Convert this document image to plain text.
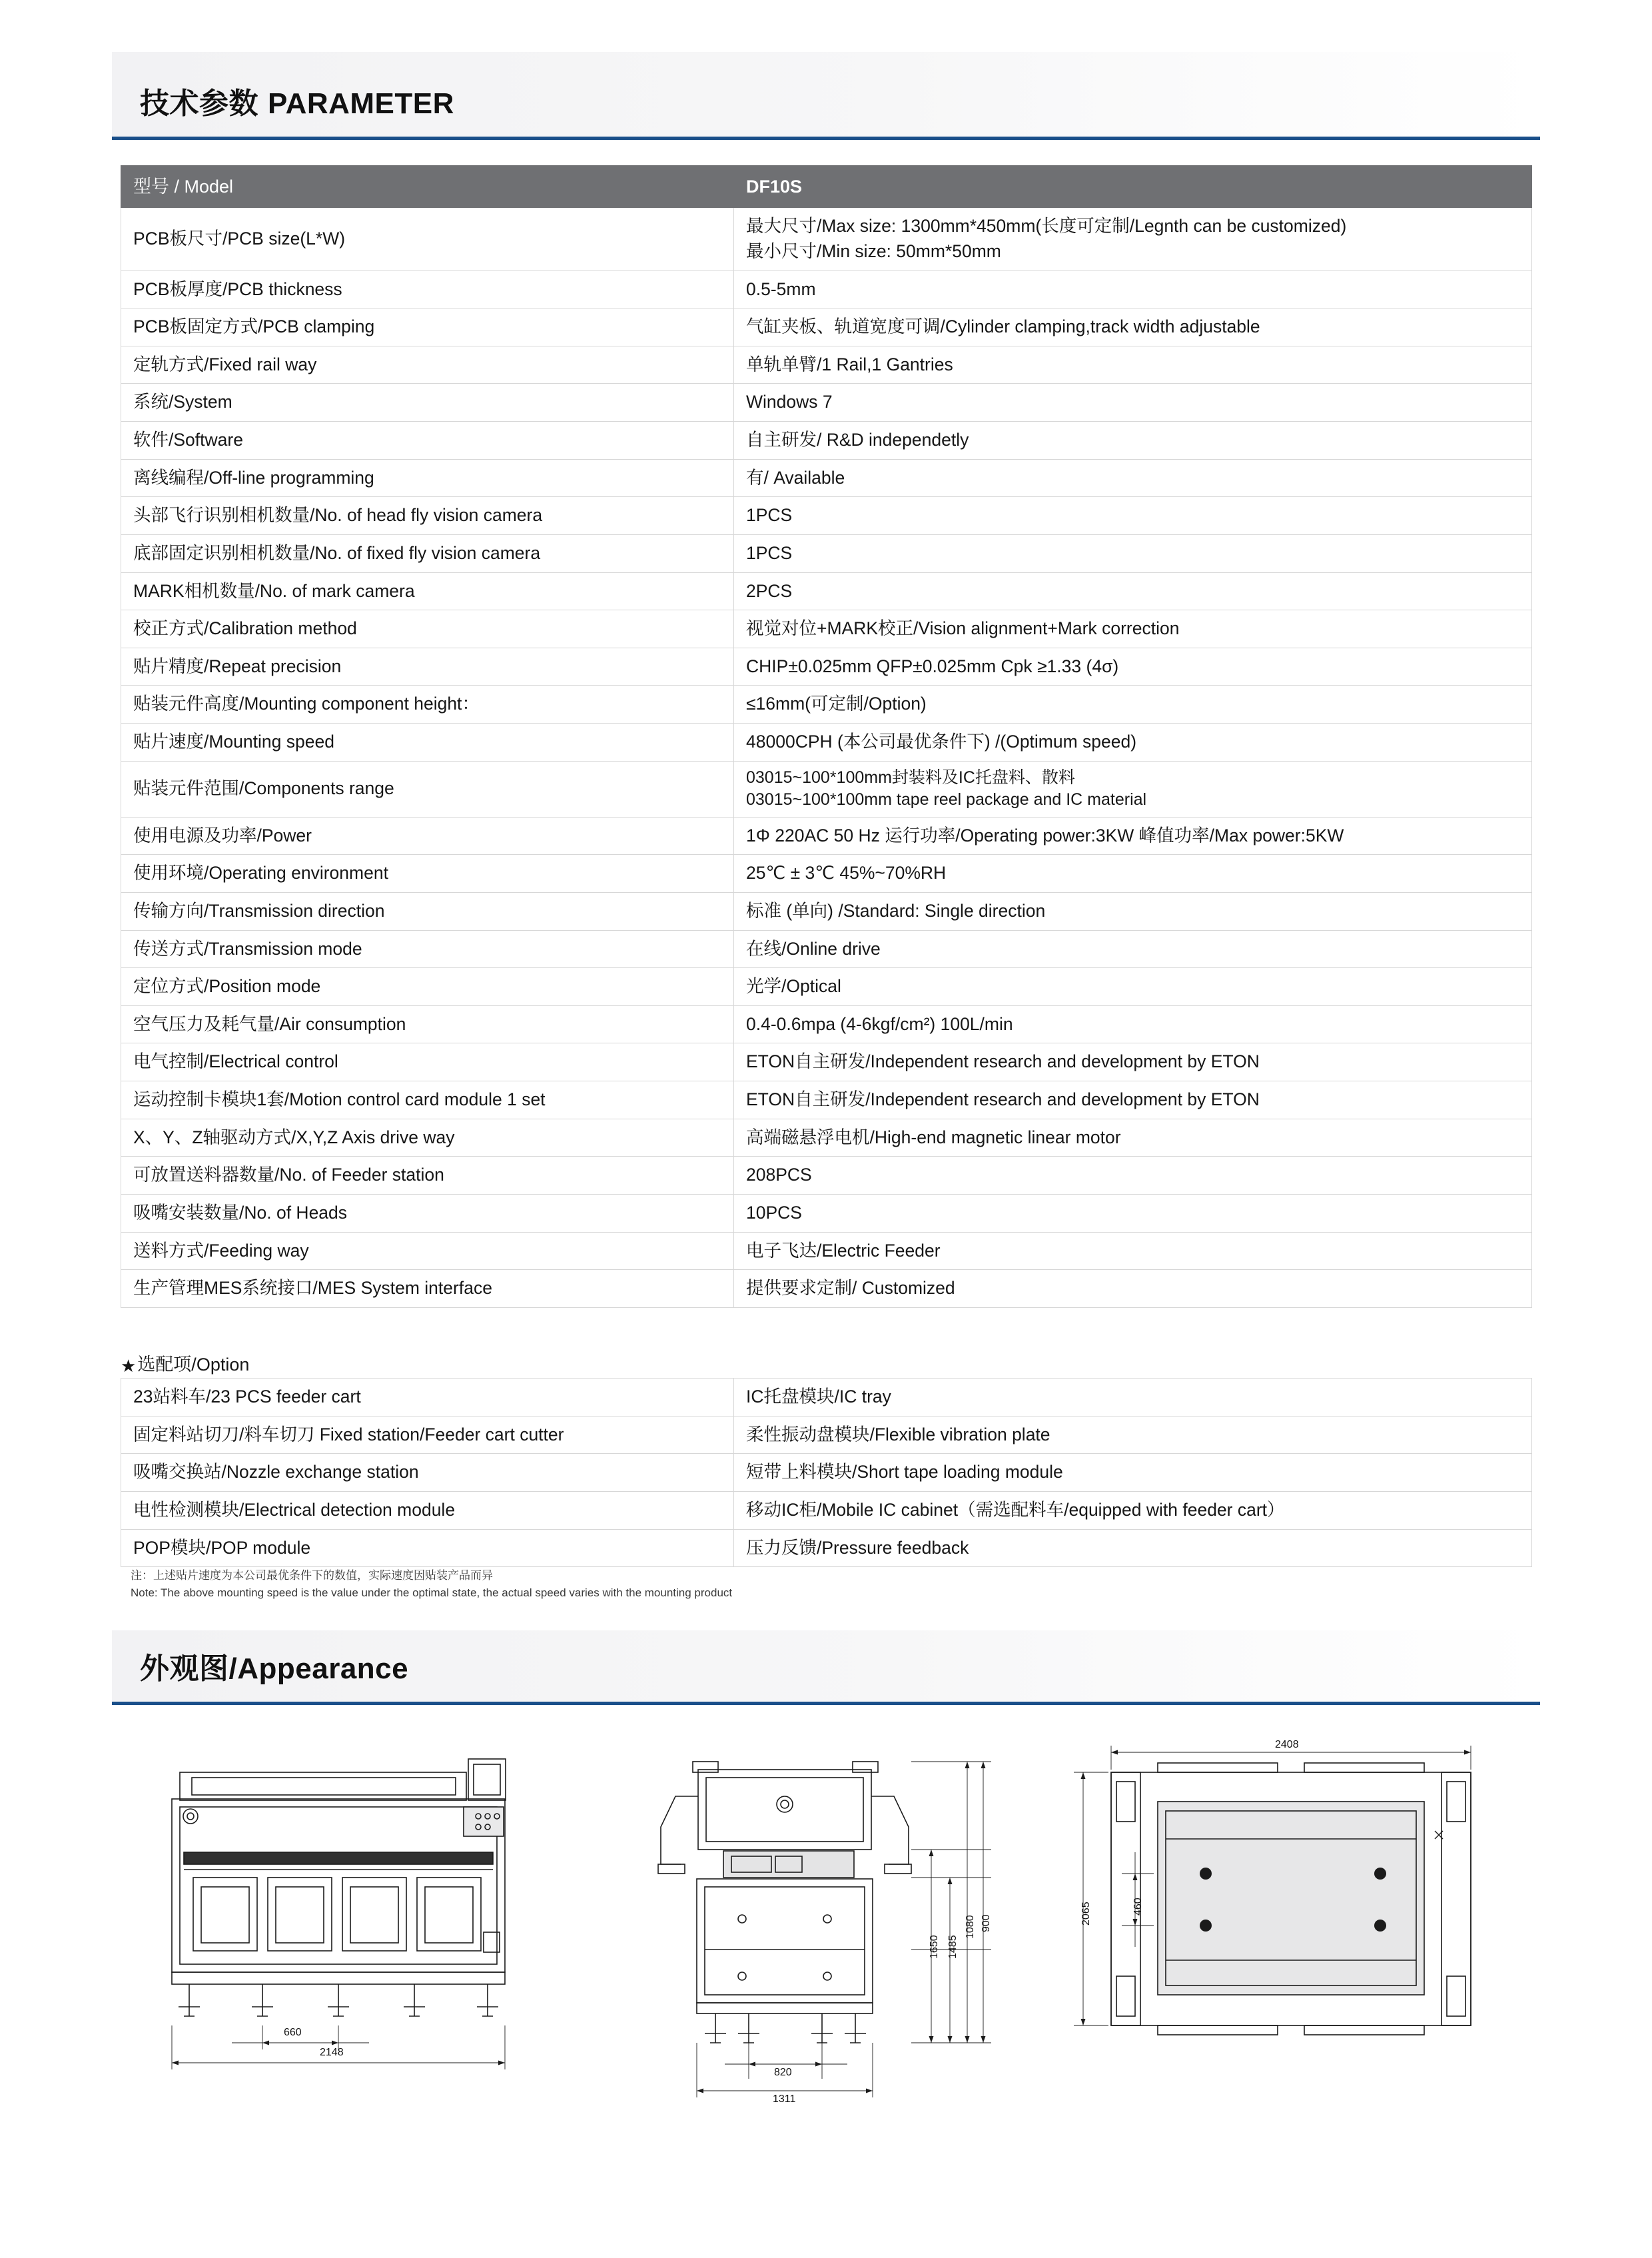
技术参数 PARAMETER
型号 / Model	DF10S
PCB板尺寸/PCB size(L*W)	最大尺寸/Max size: 1300mm*450mm(长度可定制/Legnth can be customized)
最小尺寸/Min size: 50mm*50mm

PCB板厚度/PCB thickness	0.5-5mm
PCB板固定方式/PCB clamping	气缸夹板、轨道宽度可调/Cylinder clamping,track width adjustable
定轨方式/Fixed rail way	单轨单臂/1 Rail,1 Gantries
系统/System	Windows 7
软件/Software	自主研发/ R&D independetly
离线编程/Off-line programming	有/ Available
头部飞行识别相机数量/No. of head fly vision camera	1PCS
底部固定识别相机数量/No. of fixed fly vision camera	1PCS
MARK相机数量/No. of mark camera	2PCS
校正方式/Calibration method	视觉对位+MARK校正/Vision alignment+Mark correction
贴片精度/Repeat precision	CHIP±0.025mm QFP±0.025mm Cpk ≥1.33 (4σ)
贴装元件高度/Mounting component height：	≤16mm(可定制/Option)
贴片速度/Mounting speed	48000CPH (本公司最优条件下) /(Optimum speed)
贴装元件范围/Components range	03015~100*100mm封装料及IC托盘料、散料
03015~100*100mm tape reel package and IC material

使用电源及功率/Power	1Φ 220AC 50 Hz 运行功率/Operating power:3KW 峰值功率/Max power:5KW
使用环境/Operating environment	25℃ ± 3℃ 45%~70%RH
传输方向/Transmission direction	标准 (单向) /Standard: Single direction
传送方式/Transmission mode	在线/Online drive
定位方式/Position mode	光学/Optical
空气压力及耗气量/Air consumption	0.4-0.6mpa (4-6kgf/cm²) 100L/min
电气控制/Electrical control	ETON自主研发/Independent research and development by ETON
运动控制卡模块1套/Motion control card module 1 set	ETON自主研发/Independent research and development by ETON
X、Y、Z轴驱动方式/X,Y,Z Axis drive way	高端磁悬浮电机/High-end magnetic linear motor
可放置送料器数量/No. of Feeder station	208PCS
吸嘴安装数量/No. of Heads	10PCS
送料方式/Feeding way	电子飞达/Electric Feeder
生产管理MES系统接口/MES System interface	提供要求定制/ Customized
★选配项/Option
23站料车/23 PCS feeder cart	IC托盘模块/IC tray
固定料站切刀/料车切刀 Fixed station/Feeder cart cutter	柔性振动盘模块/Flexible vibration plate
吸嘴交换站/Nozzle exchange station	短带上料模块/Short tape loading module
电性检测模块/Electrical detection module	移动IC柜/Mobile IC cabinet（需选配料车/equipped with feeder cart）
POP模块/POP module	压力反馈/Pressure feedback
注：上述贴片速度为本公司最优条件下的数值，实际速度因贴装产品而异
Note: The above mounting speed is the value under the optimal state, the actual speed varies with the mounting product
外观图/Appearance
660
2148
1650 1485
1080 900
820
1311
2408
2065	460
